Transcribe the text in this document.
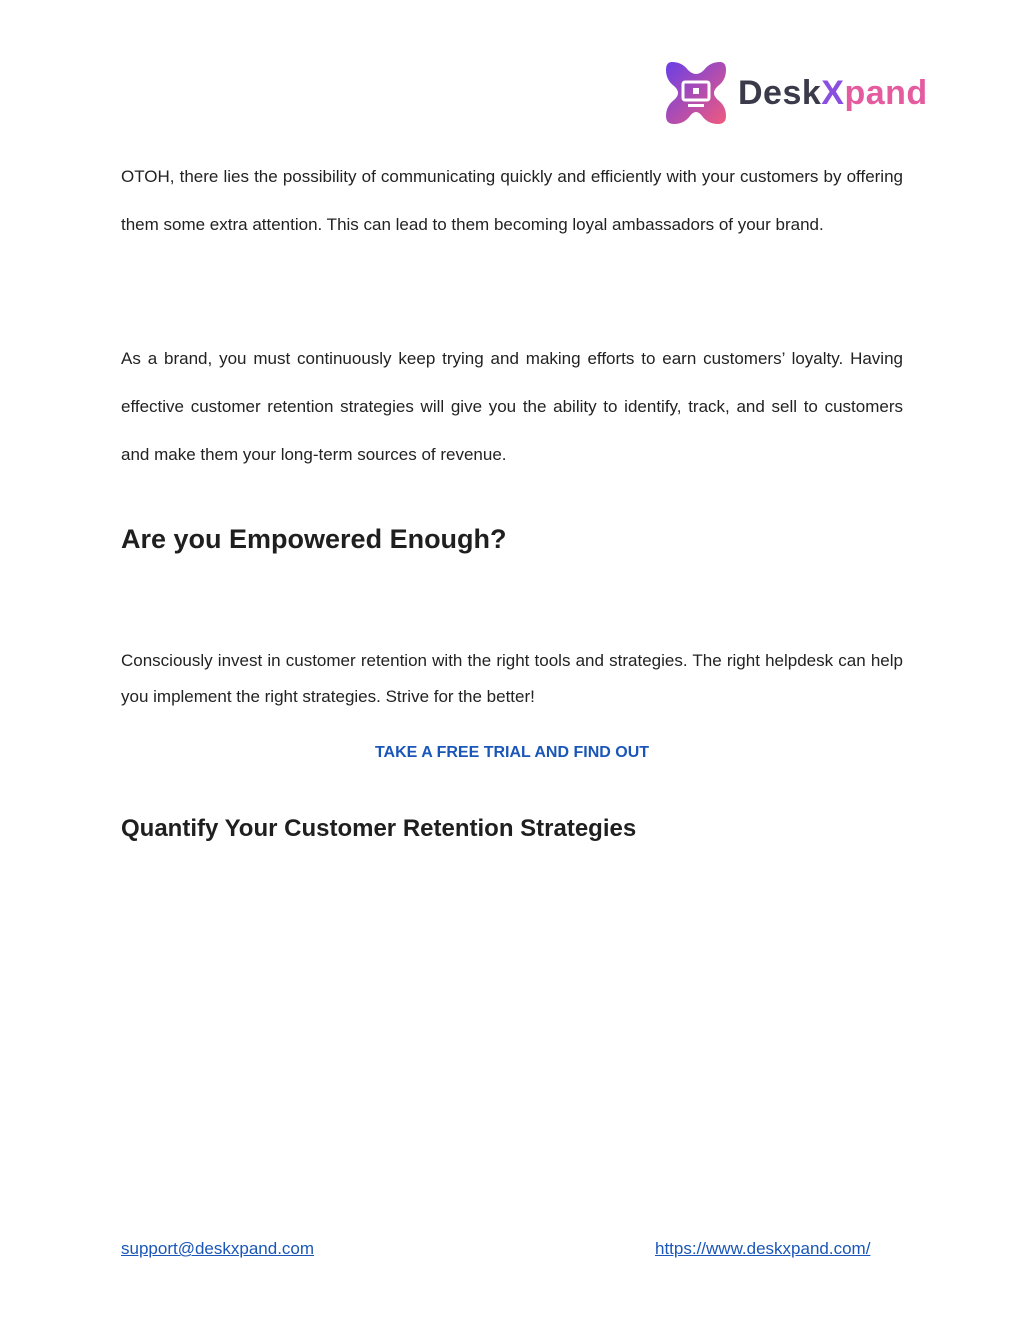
DeskXpand

OTOH, there lies the possibility of communicating quickly and efficiently with your customers by offering them some extra attention. This can lead to them becoming loyal ambassadors of your brand.

As a brand, you must continuously keep trying and making efforts to earn customers’ loyalty. Having effective customer retention strategies will give you the ability to identify, track, and sell to customers and make them your long-term sources of revenue.

Are you Empowered Enough?

Consciously invest in customer retention with the right tools and strategies. The right helpdesk can help you implement the right strategies. Strive for the better!

TAKE A FREE TRIAL AND FIND OUT
Quantify Your Customer Retention Strategies
support@deskxpand.com	https://www.deskxpand.com/
